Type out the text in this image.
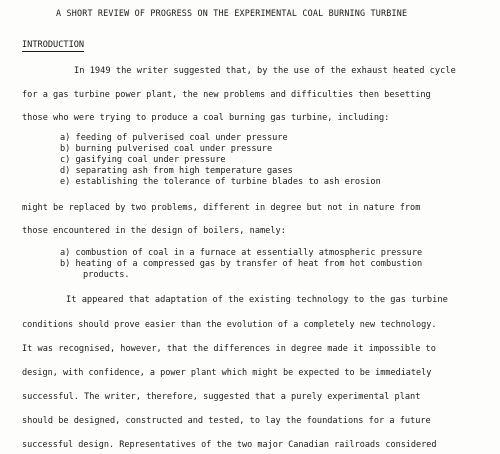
A SHORT REVIEW OF PROGRESS ON THE EXPERIMENTAL COAL BURNING TURBINE
INTRODUCTION
In 1949 the writer suggested that, by the use of the exhaust heated cycle
for a gas turbine power plant, the new problems and difficulties then besetting
those who were trying to produce a coal burning gas turbine, including:
a) feeding of pulverised coal under pressure
b) burning pulverised coal under pressure
c) gasifying coal under pressure
d) separating ash from high temperature gases
e) establishing the tolerance of turbine blades to ash erosion
might be replaced by two problems, different in degree but not in nature from
those encountered in the design of boilers, namely:
a) combustion of coal in a furnace at essentially atmospheric pressure
b) heating of a compressed gas by transfer of heat from hot combustion
products.
It appeared that adaptation of the existing technology to the gas turbine
conditions should prove easier than the evolution of a completely new technology.
It was recognised, however, that the differences in degree made it impossible to
design, with confidence, a power plant which might be expected to be immediately
successful. The writer, therefore, suggested that a purely experimental plant
should be designed, constructed and tested, to lay the foundations for a future
successful design. Representatives of the two major Canadian railroads considered
